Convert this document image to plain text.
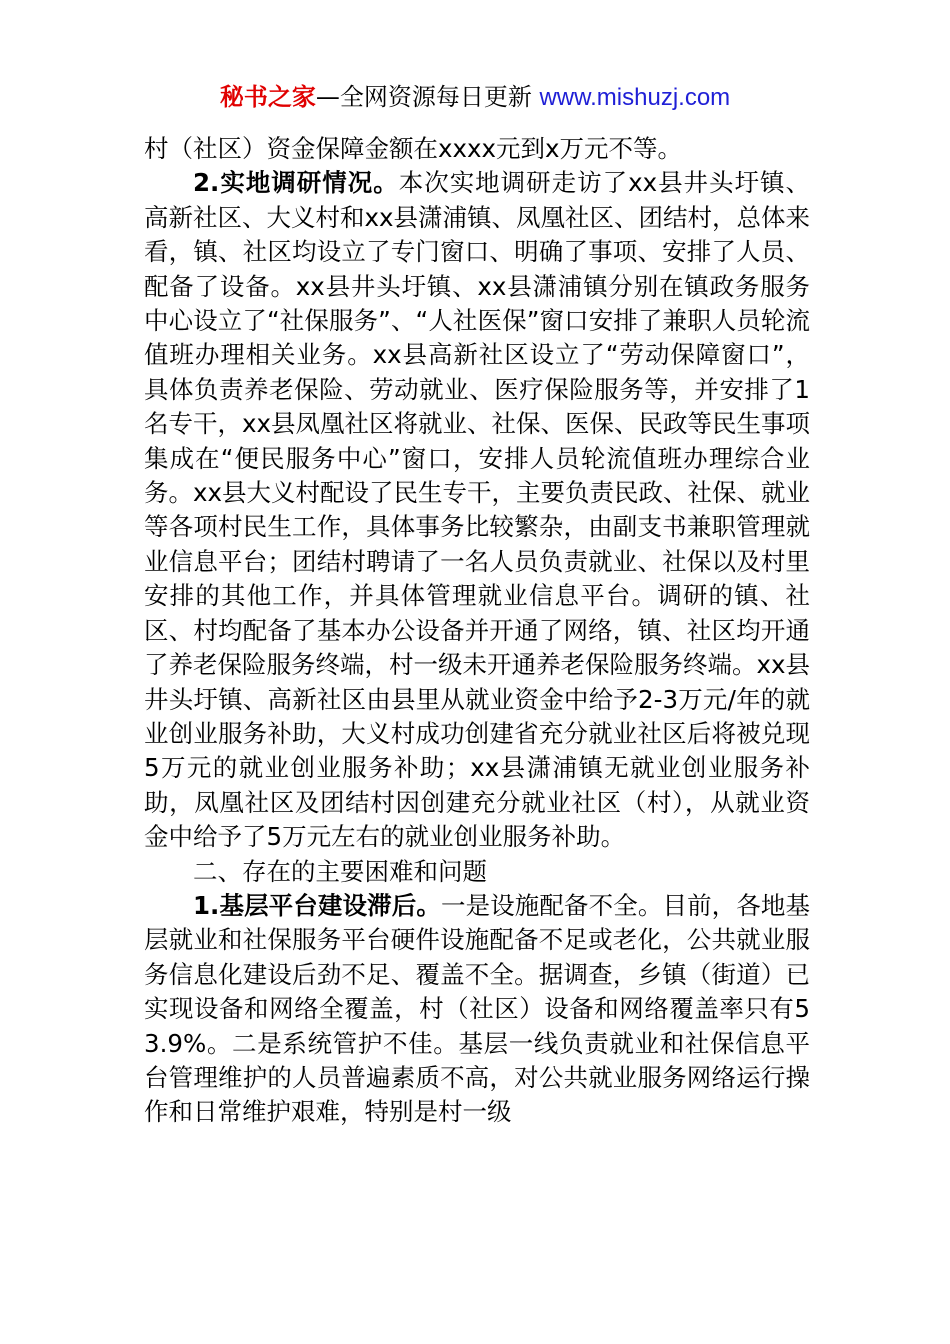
秘书之家—全网资源每日更新 www.mishuzj.com

村（社区）资金保障金额在xxxx元到x万元不等。

2.实地调研情况。本次实地调研走访了xx县井头圩镇、高新社区、大义村和xx县潇浦镇、凤凰社区、团结村，总体来看，镇、社区均设立了专门窗口、明确了事项、安排了人员、配备了设备。xx县井头圩镇、xx县潇浦镇分别在镇政务服务中心设立了“社保服务”、“人社医保”窗口安排了兼职人员轮流值班办理相关业务。xx县高新社区设立了“劳动保障窗口”，具体负责养老保险、劳动就业、医疗保险服务等，并安排了1名专干，xx县凤凰社区将就业、社保、医保、民政等民生事项集成在“便民服务中心”窗口，安排人员轮流值班办理综合业务。xx县大义村配设了民生专干，主要负责民政、社保、就业等各项村民生工作，具体事务比较繁杂，由副支书兼职管理就业信息平台；团结村聘请了一名人员负责就业、社保以及村里安排的其他工作，并具体管理就业信息平台。调研的镇、社区、村均配备了基本办公设备并开通了网络，镇、社区均开通了养老保险服务终端，村一级未开通养老保险服务终端。xx县井头圩镇、高新社区由县里从就业资金中给予2-3万元/年的就业创业服务补助，大义村成功创建省充分就业社区后将被兑现5万元的就业创业服务补助；xx县潇浦镇无就业创业服务补助，凤凰社区及团结村因创建充分就业社区（村），从就业资金中给予了5万元左右的就业创业服务补助。

二、存在的主要困难和问题

1.基层平台建设滞后。一是设施配备不全。目前，各地基层就业和社保服务平台硬件设施配备不足或老化，公共就业服务信息化建设后劲不足、覆盖不全。据调查，乡镇（街道）已实现设备和网络全覆盖，村（社区）设备和网络覆盖率只有53.9%。二是系统管护不佳。基层一线负责就业和社保信息平台管理维护的人员普遍素质不高，对公共就业服务网络运行操作和日常维护艰难，特别是村一级
